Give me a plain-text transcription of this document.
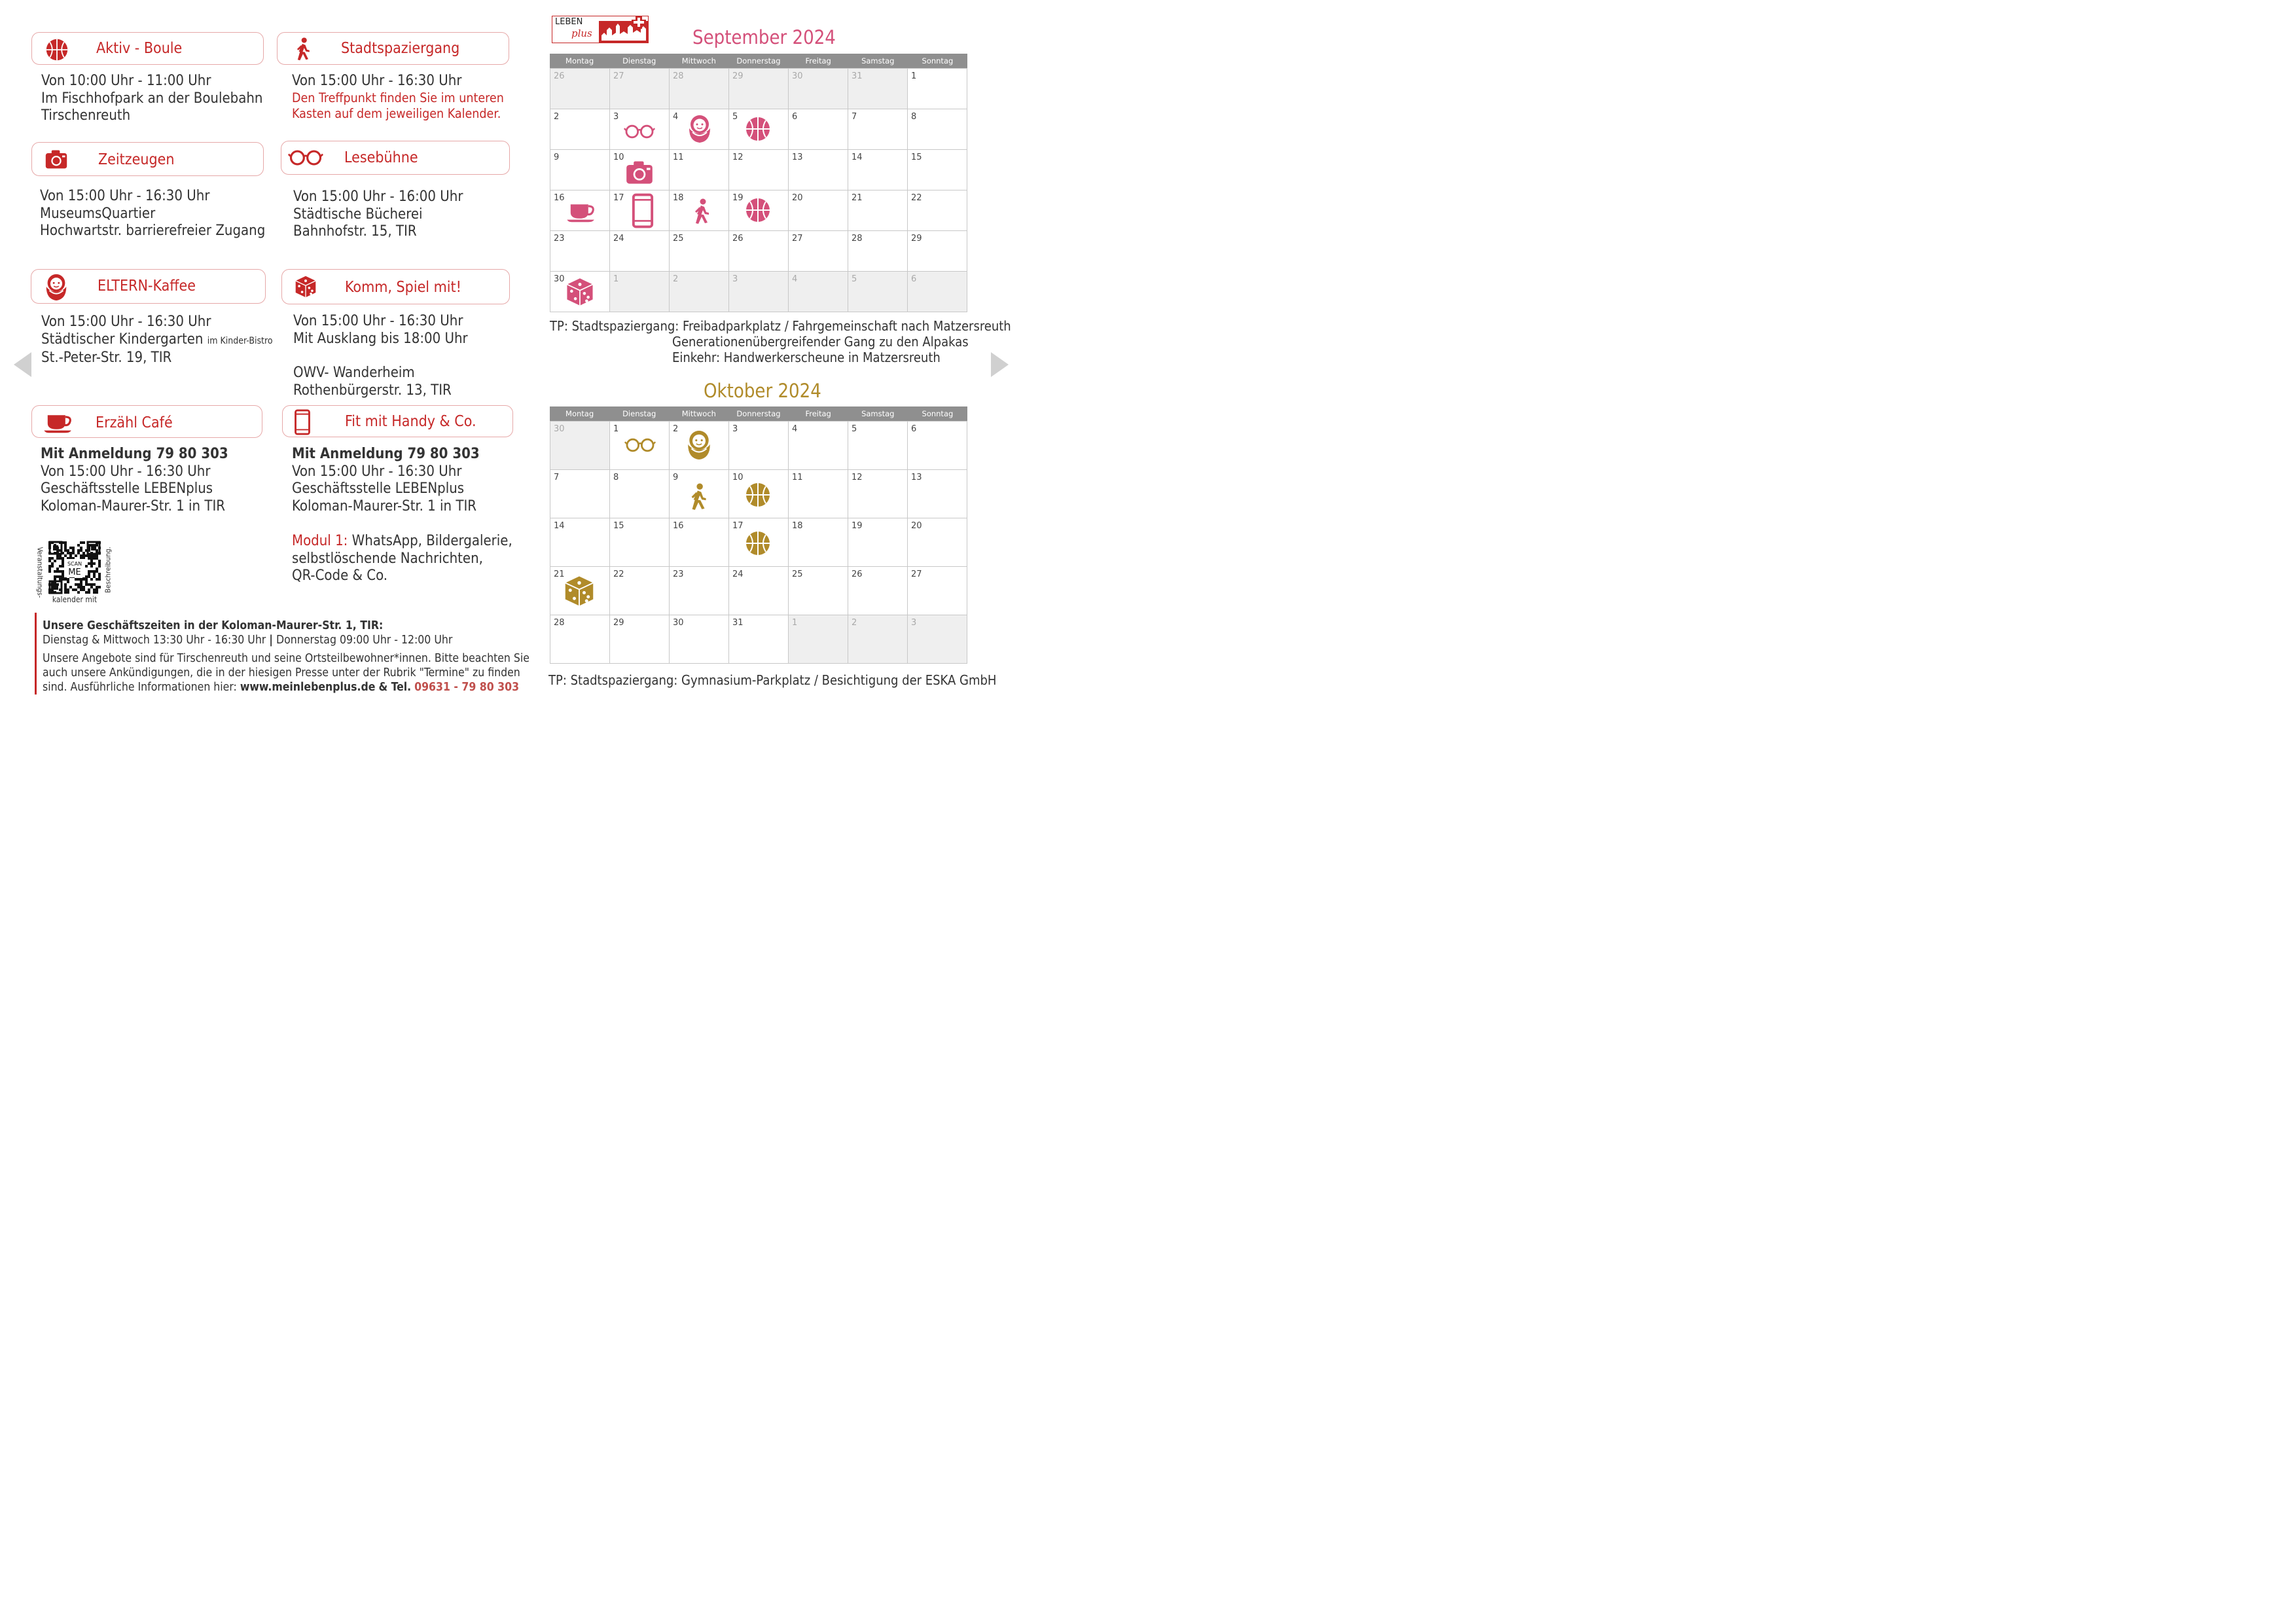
Aktiv - Boule
Von 10:00 Uhr - 11:00 Uhr
Im Fischhofpark an der Boulebahn
Tirschenreuth
Stadtspaziergang
Von 15:00 Uhr - 16:30 Uhr
Den Treffpunkt finden Sie im unteren
Kasten auf dem jeweiligen Kalender.
Zeitzeugen
Von 15:00 Uhr - 16:30 Uhr
MuseumsQuartier
Hochwartstr. barrierefreier Zugang
Lesebühne
Von 15:00 Uhr - 16:00 Uhr
Städtische Bücherei
Bahnhofstr. 15, TIR
ELTERN-Kaffee
Von 15:00 Uhr - 16:30 Uhr
Städtischer Kindergarten im Kinder-Bistro
St.-Peter-Str. 19, TIR
Komm, Spiel mit!
Von 15:00 Uhr - 16:30 Uhr
Mit Ausklang bis 18:00 Uhr
OWV- Wanderheim
Rothenbürgerstr. 13, TIR
Erzähl Café
Mit Anmeldung 79 80 303
Von 15:00 Uhr - 16:30 Uhr
Geschäftsstelle LEBENplus
Koloman-Maurer-Str. 1 in TIR
Fit mit Handy & Co.
Mit Anmeldung 79 80 303
Von 15:00 Uhr - 16:30 Uhr
Geschäftsstelle LEBENplus
Koloman-Maurer-Str. 1 in TIR
Modul 1: WhatsApp, Bildergalerie,
selbstlöschende Nachrichten,
QR-Code & Co.
Veranstaltungs-	Beschreibung.
SCAN
ME
kalender mit
Unsere Geschäftszeiten in der Koloman-Maurer-Str. 1, TIR:
Dienstag & Mittwoch 13:30 Uhr - 16:30 Uhr | Donnerstag 09:00 Uhr - 12:00 Uhr
Unsere Angebote sind für Tirschenreuth und seine Ortsteilbewohner*innen. Bitte beachten Sie
auch unsere Ankündigungen, die in der hiesigen Presse unter der Rubrik "Termine" zu finden
sind. Ausführliche Informationen hier: www.meinlebenplus.de & Tel. 09631 - 79 80 303
LEBEN
plus	September 2024
Montag	Dienstag	Mittwoch	Donnerstag	Freitag	Samstag	Sonntag
26	27	28	29	30	31	1
2	3	4	5	6	7	8
9	10	11	12	13	14	15
16	17	18	19	20	21	22
23	24	25	26	27	28	29
30	1	2	3	4	5	6
TP: Stadtspaziergang: Freibadparkplatz / Fahrgemeinschaft nach Matzersreuth
Generationenübergreifender Gang zu den Alpakas
Einkehr: Handwerkerscheune in Matzersreuth
Oktober 2024
Montag	Dienstag	Mittwoch	Donnerstag	Freitag	Samstag	Sonntag
30	1	2	3	4	5	6
7	8	9	10	11	12	13
14	15	16	17	18	19	20
21	22	23	24	25	26	27
28	29	30	31	1	2	3
TP: Stadtspaziergang: Gymnasium-Parkplatz / Besichtigung der ESKA GmbH
